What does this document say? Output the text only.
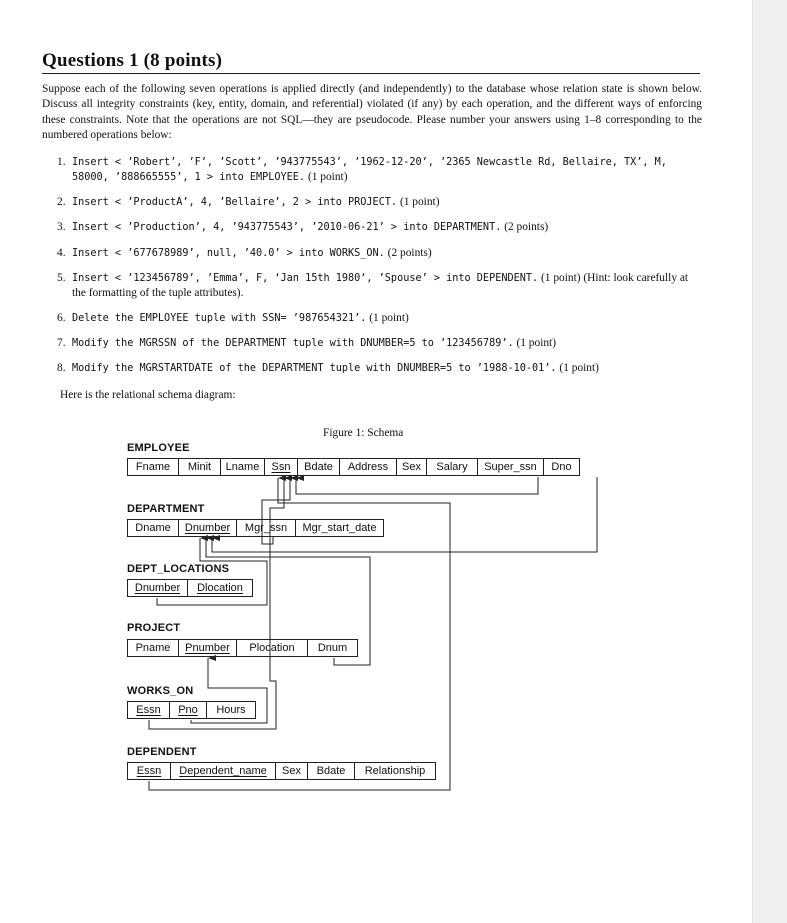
Questions 1 (8 points)

Suppose each of the following seven operations is applied directly (and independently) to the database whose relation state is shown below. Discuss all integrity constraints (key, entity, domain, and referential) violated (if any) by each operation, and the different ways of enforcing these constraints. Note that the operations are not SQL—they are pseudocode. Please number your answers using 1–8 corresponding to the numbered operations below:

1. Insert < ’Robert’, ’F’, ’Scott’, ’943775543’, ’1962-12-20’, ’2365 Newcastle Rd, Bellaire, TX’, M, 58000, ’888665555’, 1 > into EMPLOYEE. (1 point)
2. Insert < ’ProductA’, 4, ’Bellaire’, 2 > into PROJECT. (1 point)
3. Insert < ’Production’, 4, ’943775543’, ’2010-06-21’ > into DEPARTMENT. (2 points)
4. Insert < ’677678989’, null, ’40.0’ > into WORKS_ON. (2 points)
5. Insert < ’123456789’, ’Emma’, F, ‘Jan 15th 1980‘, ’Spouse’ > into DEPENDENT. (1 point) (Hint: look carefully at the formatting of the tuple attributes).
6. Delete the EMPLOYEE tuple with SSN= ’987654321’. (1 point)
7. Modify the MGRSSN of the DEPARTMENT tuple with DNUMBER=5 to ’123456789’. (1 point)
8. Modify the MGRSTARTDATE of the DEPARTMENT tuple with DNUMBER=5 to ’1988-10-01’. (1 point)

Here is the relational schema diagram:

Figure 1: Schema
EMPLOYEE
Fname Minit Lname Ssn Bdate Address Sex Salary Super_ssn Dno
DEPARTMENT
Dname Dnumber Mgr_ssn Mgr_start_date
DEPT_LOCATIONS
Dnumber Dlocation
PROJECT
Pname Pnumber Plocation Dnum
WORKS_ON
Essn Pno Hours
DEPENDENT
Essn Dependent_name Sex Bdate Relationship
